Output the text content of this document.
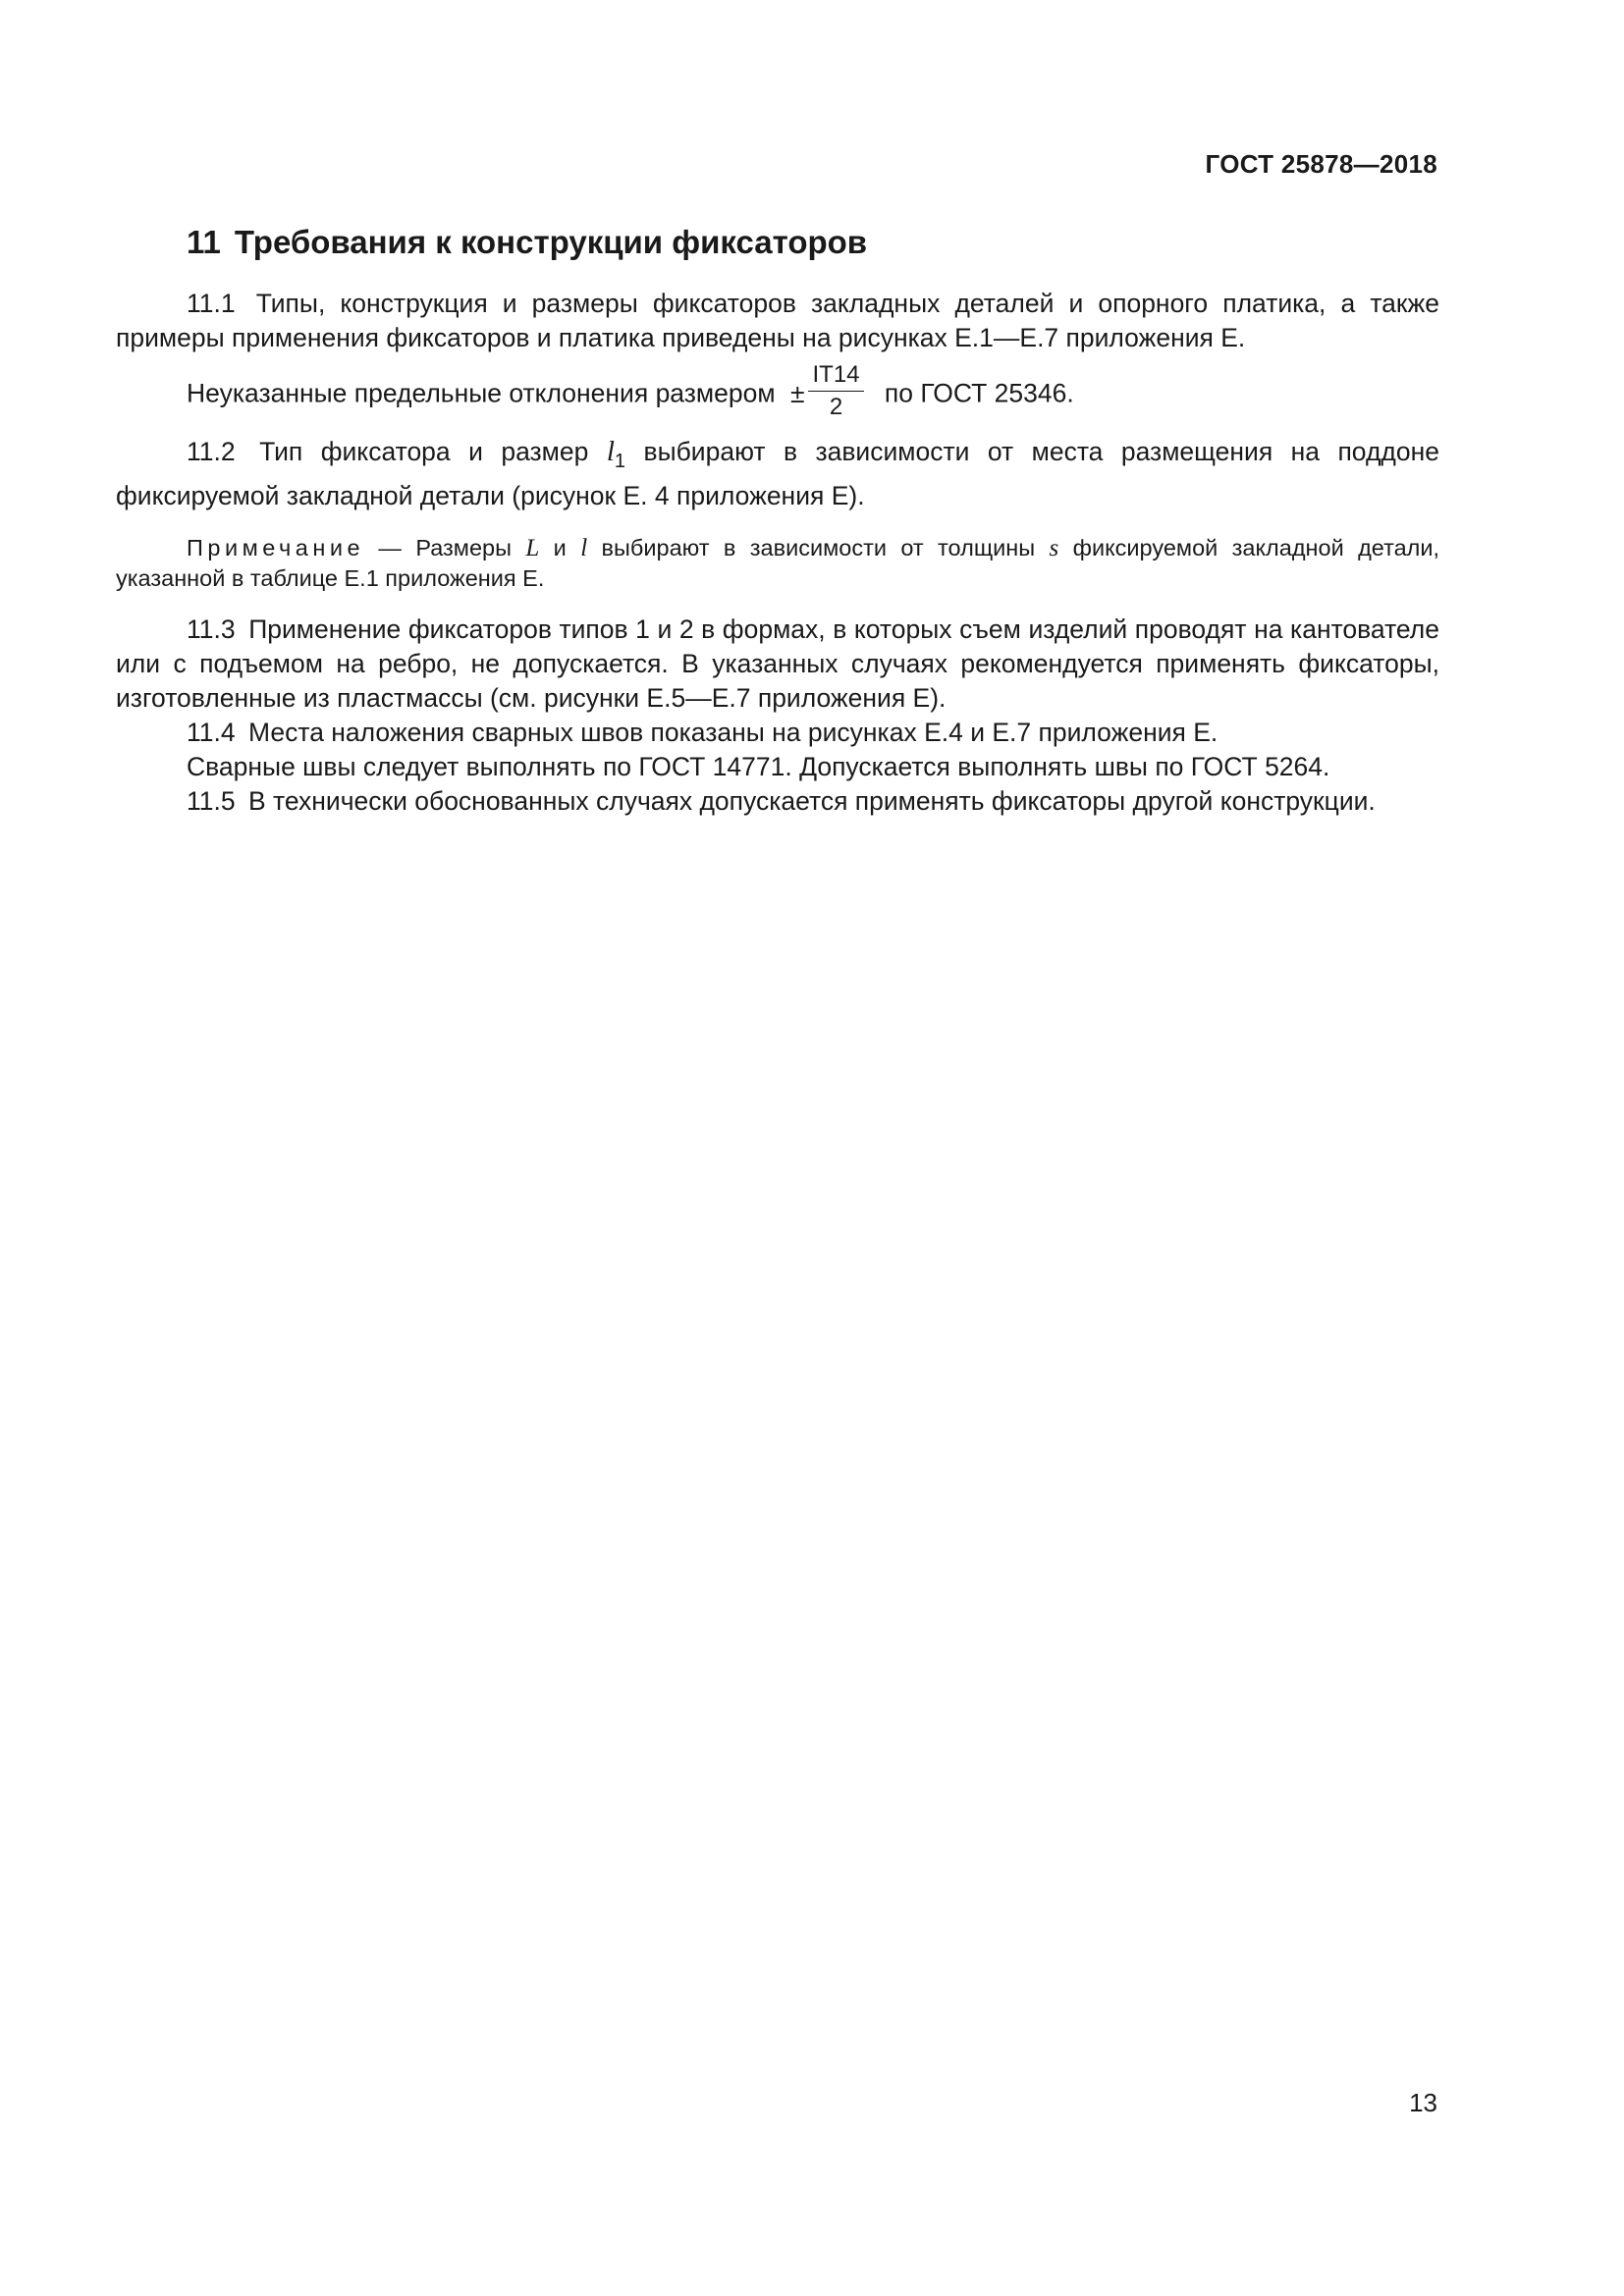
ГОСТ 25878—2018
11 Требования к конструкции фиксаторов

11.1 Типы, конструкция и размеры фиксаторов закладных деталей и опорного платика, а также примеры применения фиксаторов и платика приведены на рисунках Е.1—Е.7 приложения Е.

Неуказанные предельные отклонения размером ± $\frac{IT14}{2}$ по ГОСТ 25346.

11.2 Тип фиксатора и размер $l_1$ выбирают в зависимости от места размещения на поддоне фиксируемой закладной детали (рисунок Е. 4 приложения Е).

Примечание — Размеры L и l выбирают в зависимости от толщины s фиксируемой закладной детали, указанной в таблице Е.1 приложения Е.

11.3 Применение фиксаторов типов 1 и 2 в формах, в которых съем изделий проводят на кантователе или с подъемом на ребро, не допускается. В указанных случаях рекомендуется применять фиксаторы, изготовленные из пластмассы (см. рисунки Е.5—Е.7 приложения Е).

11.4 Места наложения сварных швов показаны на рисунках Е.4 и Е.7 приложения Е.

Сварные швы следует выполнять по ГОСТ 14771. Допускается выполнять швы по ГОСТ 5264.

11.5 В технически обоснованных случаях допускается применять фиксаторы другой конструкции.

13
